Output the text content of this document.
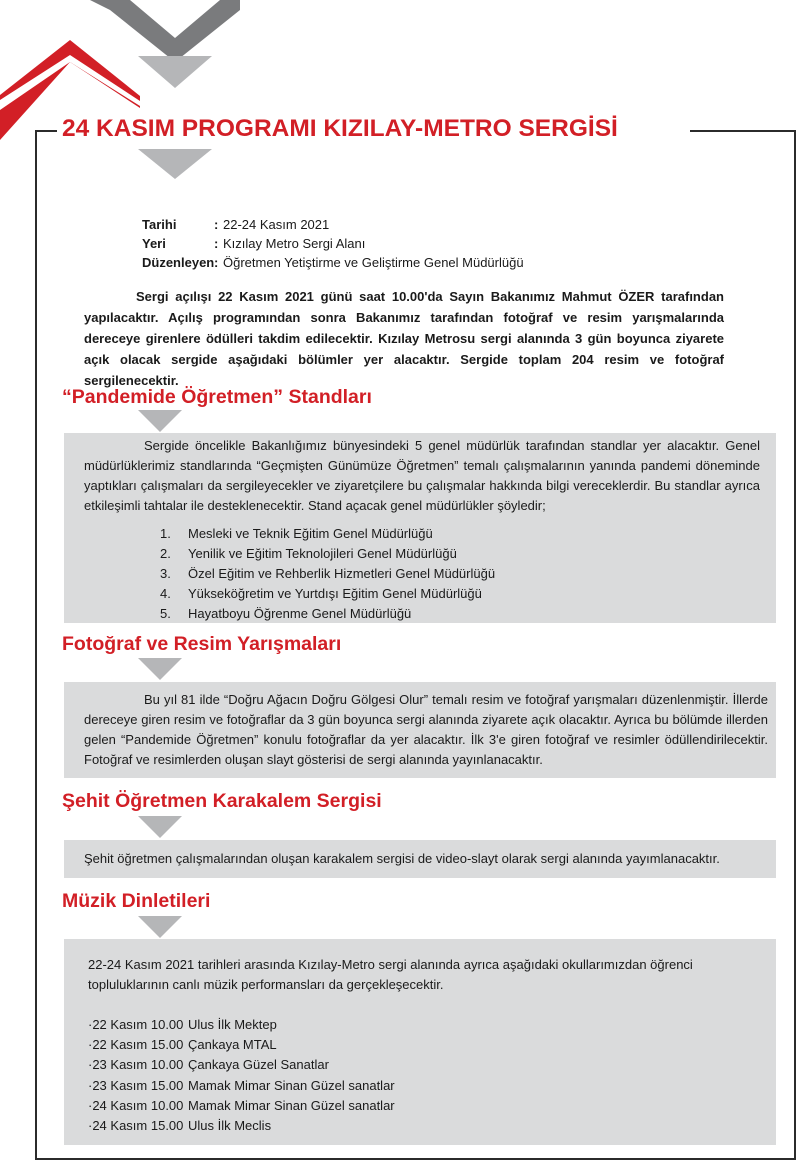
24 KASIM PROGRAMI KIZILAY-METRO SERGİSİ
Tarihi	: 22-24 Kasım 2021
Yeri	: Kızılay Metro Sergi Alanı
Düzenleyen : Öğretmen Yetiştirme ve Geliştirme Genel Müdürlüğü

Sergi açılışı 22 Kasım 2021 günü saat 10.00'da Sayın Bakanımız Mahmut ÖZER tarafından yapılacaktır. Açılış programından sonra Bakanımız tarafından fotoğraf ve resim yarışmalarında dereceye girenlere ödülleri takdim edilecektir. Kızılay Metrosu sergi alanında 3 gün boyunca ziyarete açık olacak sergide aşağıdaki bölümler yer alacaktır. Sergide toplam 204 resim ve fotoğraf sergilenecektir.

“Pandemide Öğretmen” Standları

Sergide öncelikle Bakanlığımız bünyesindeki 5 genel müdürlük tarafından standlar yer alacaktır. Genel müdürlüklerimiz standlarında “Geçmişten Günümüze Öğretmen” temalı çalışmalarının yanında pandemi döneminde yaptıkları çalışmaları da sergileyecekler ve ziyaretçilere bu çalışmalar hakkında bilgi vereceklerdir. Bu standlar ayrıca etkileşimli tahtalar ile desteklenecektir. Stand açacak genel müdürlükler şöyledir;

1.	Mesleki ve Teknik Eğitim Genel Müdürlüğü
2.	Yenilik ve Eğitim Teknolojileri Genel Müdürlüğü
3.	Özel Eğitim ve Rehberlik Hizmetleri Genel Müdürlüğü
4.	Yükseköğretim ve Yurtdışı Eğitim Genel Müdürlüğü
5.	Hayatboyu Öğrenme Genel Müdürlüğü
Fotoğraf ve Resim Yarışmaları

Bu yıl 81 ilde “Doğru Ağacın Doğru Gölgesi Olur” temalı resim ve fotoğraf yarışmaları düzenlenmiştir. İllerde dereceye giren resim ve fotoğraflar da 3 gün boyunca sergi alanında ziyarete açık olacaktır. Ayrıca bu bölümde illerden gelen “Pandemide Öğretmen” konulu fotoğraflar da yer alacaktır. İlk 3'e giren fotoğraf ve resimler ödüllendirilecektir. Fotoğraf ve resimlerden oluşan slayt gösterisi de sergi alanında yayınlanacaktır.

Şehit Öğretmen Karakalem Sergisi

Şehit öğretmen çalışmalarından oluşan karakalem sergisi de video-slayt olarak sergi alanında yayımlanacaktır.

Müzik Dinletileri

22-24 Kasım 2021 tarihleri arasında Kızılay-Metro sergi alanında ayrıca aşağıdaki okullarımızdan öğrenci topluluklarının canlı müzik performansları da gerçekleşecektir.

·22 Kasım 10.00 Ulus İlk Mektep
·22 Kasım 15.00 Çankaya MTAL
·23 Kasım 10.00 Çankaya Güzel Sanatlar
·23 Kasım 15.00 Mamak Mimar Sinan Güzel sanatlar
·24 Kasım 10.00 Mamak Mimar Sinan Güzel sanatlar
·24 Kasım 15.00 Ulus İlk Meclis
